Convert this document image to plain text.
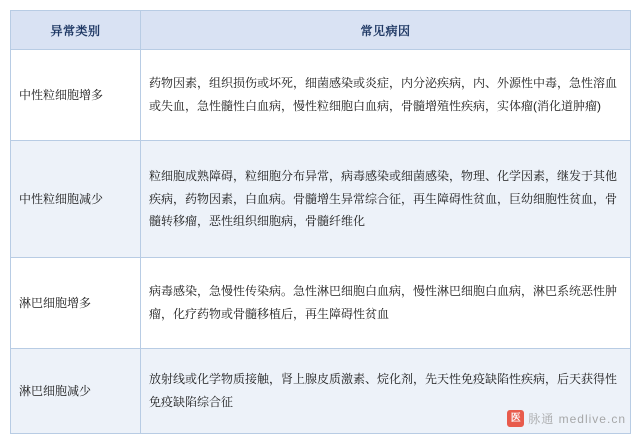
异常类别	常见病因
中性粒细胞增多	药物因素，组织损伤或坏死，细菌感染或炎症，内分泌疾病，内、外源性中毒，急性溶血或失血，急性髓性白血病，慢性粒细胞白血病，骨髓增殖性疾病，实体瘤(消化道肿瘤)
中性粒细胞减少	粒细胞成熟障碍，粒细胞分布异常，病毒感染或细菌感染，物理、化学因素，继发于其他疾病，药物因素，白血病。骨髓增生异常综合征，再生障碍性贫血，巨幼细胞性贫血，骨髓转移瘤，恶性组织细胞病，骨髓纤维化
淋巴细胞增多	病毒感染，急慢性传染病。急性淋巴细胞白血病，慢性淋巴细胞白血病，淋巴系统恶性肿瘤，化疗药物或骨髓移植后，再生障碍性贫血
淋巴细胞减少	放射线或化学物质接触，肾上腺皮质激素、烷化剂，先天性免疫缺陷性疾病，后天获得性免疫缺陷综合征
医 脉通 medlive.cn
